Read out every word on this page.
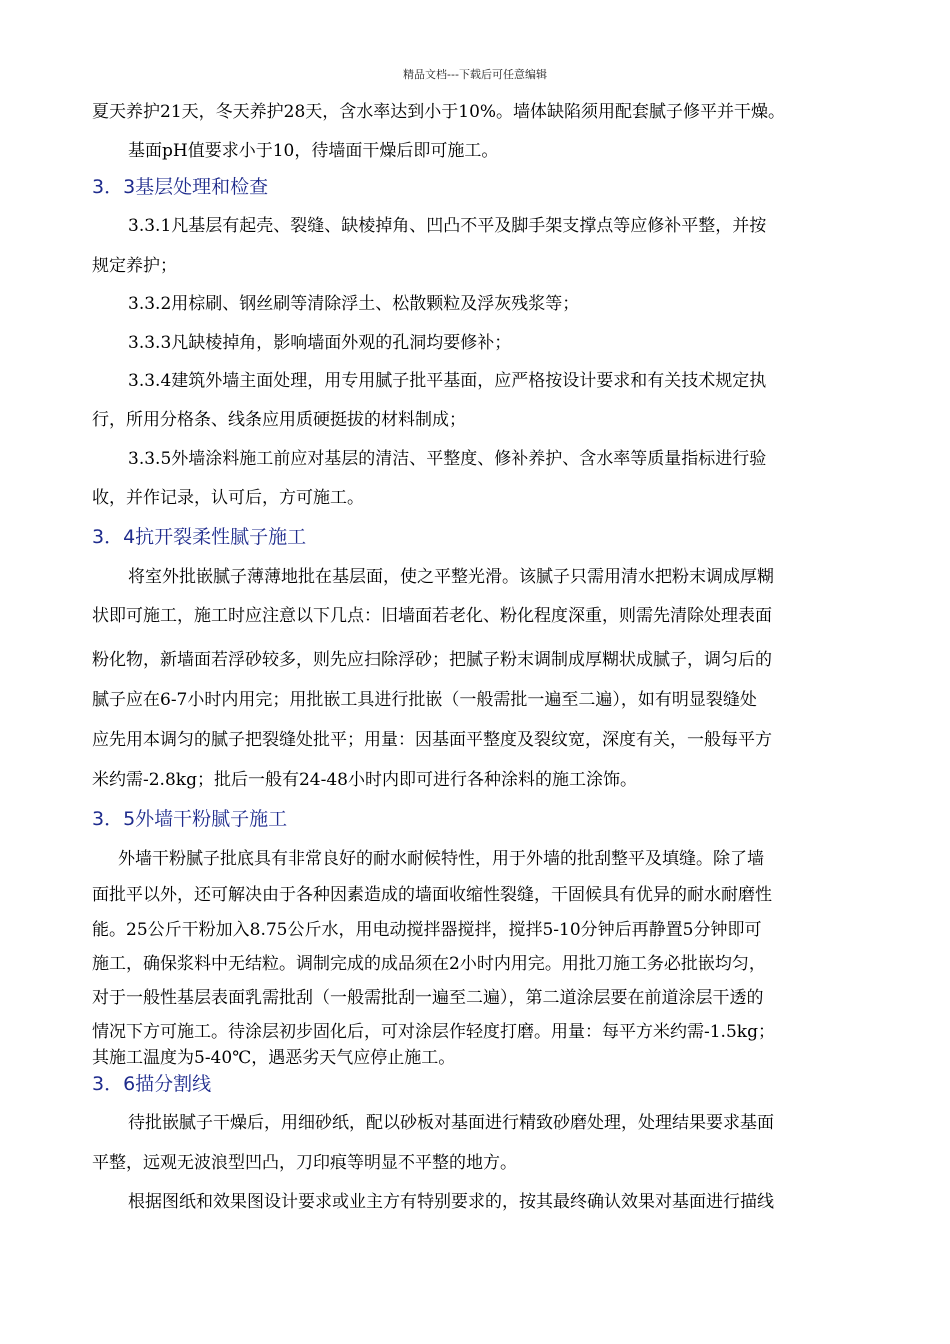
精品文档---下载后可任意编辑
夏天养护21天，冬天养护28天，含水率达到小于10%。墙体缺陷须用配套腻子修平并干燥。
基面pH值要求小于10，待墙面干燥后即可施工。
3．3基层处理和检查
3.3.1凡基层有起壳、裂缝、缺棱掉角、凹凸不平及脚手架支撑点等应修补平整，并按
规定养护；
3.3.2用棕刷、钢丝刷等清除浮土、松散颗粒及浮灰残浆等；
3.3.3凡缺棱掉角，影响墙面外观的孔洞均要修补；
3.3.4建筑外墙主面处理，用专用腻子批平基面，应严格按设计要求和有关技术规定执
行，所用分格条、线条应用质硬挺拔的材料制成；
3.3.5外墙涂料施工前应对基层的清洁、平整度、修补养护、含水率等质量指标进行验
收，并作记录，认可后，方可施工。
3．4抗开裂柔性腻子施工
将室外批嵌腻子薄薄地批在基层面，使之平整光滑。该腻子只需用清水把粉末调成厚糊
状即可施工，施工时应注意以下几点：旧墙面若老化、粉化程度深重，则需先清除处理表面
粉化物，新墙面若浮砂较多，则先应扫除浮砂；把腻子粉末调制成厚糊状成腻子，调匀后的
腻子应在6-7小时内用完；用批嵌工具进行批嵌（一般需批一遍至二遍），如有明显裂缝处
应先用本调匀的腻子把裂缝处批平；用量：因基面平整度及裂纹宽，深度有关，一般每平方
米约需-2.8kg；批后一般有24-48小时内即可进行各种涂料的施工涂饰。
3．5外墙干粉腻子施工
外墙干粉腻子批底具有非常良好的耐水耐候特性，用于外墙的批刮整平及填缝。除了墙
面批平以外，还可解决由于各种因素造成的墙面收缩性裂缝，干固候具有优异的耐水耐磨性
能。25公斤干粉加入8.75公斤水，用电动搅拌器搅拌，搅拌5-10分钟后再静置5分钟即可
施工，确保浆料中无结粒。调制完成的成品须在2小时内用完。用批刀施工务必批嵌均匀，
对于一般性基层表面乳需批刮（一般需批刮一遍至二遍），第二道涂层要在前道涂层干透的
情况下方可施工。待涂层初步固化后，可对涂层作轻度打磨。用量：每平方米约需-1.5kg；
其施工温度为5-40℃，遇恶劣天气应停止施工。
3．6描分割线
待批嵌腻子干燥后，用细砂纸，配以砂板对基面进行精致砂磨处理，处理结果要求基面
平整，远观无波浪型凹凸，刀印痕等明显不平整的地方。
根据图纸和效果图设计要求或业主方有特别要求的，按其最终确认效果对基面进行描线
